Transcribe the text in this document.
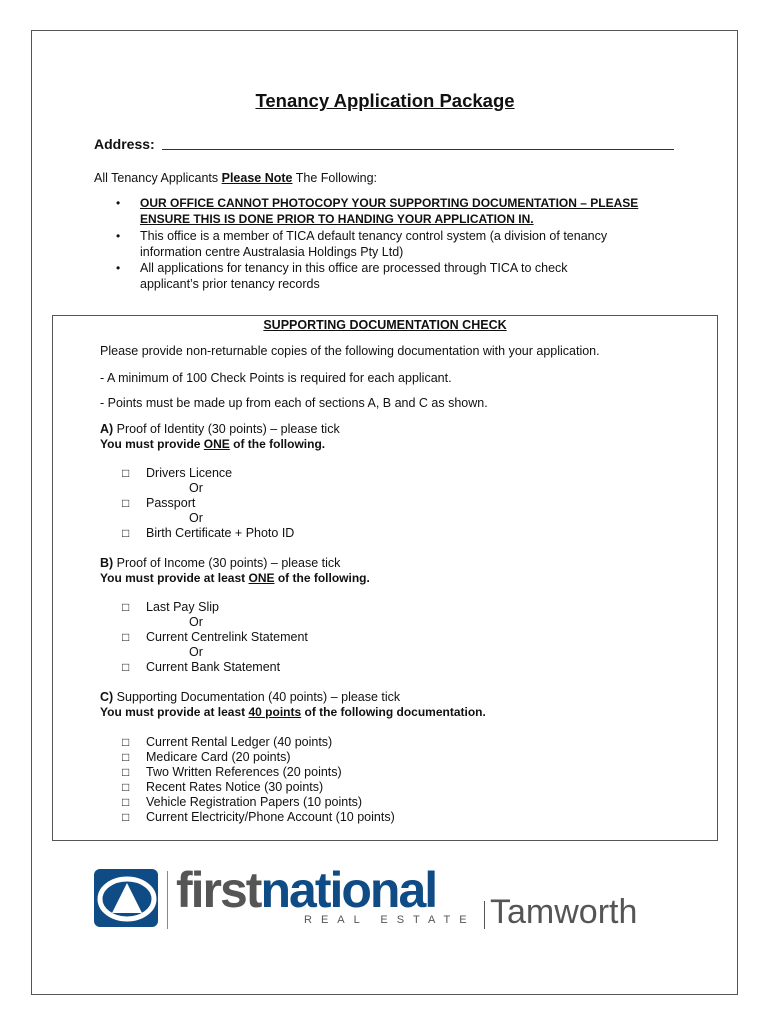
Tenancy Application Package
Address:
All Tenancy Applicants Please Note The Following:
• OUR OFFICE CANNOT PHOTOCOPY YOUR SUPPORTING DOCUMENTATION – PLEASE
ENSURE THIS IS DONE PRIOR TO HANDING YOUR APPLICATION IN.
• This office is a member of TICA default tenancy control system (a division of tenancy
information centre Australasia Holdings Pty Ltd)
• All applications for tenancy in this office are processed through TICA to check
applicant’s prior tenancy records
SUPPORTING DOCUMENTATION CHECK
Please provide non-returnable copies of the following documentation with your application.
- A minimum of 100 Check Points is required for each applicant.
- Points must be made up from each of sections A, B and C as shown.
A) Proof of Identity (30 points) – please tick
You must provide ONE of the following.
□ Drivers Licence
Or
□ Passport
Or
□ Birth Certificate + Photo ID
B) Proof of Income (30 points) – please tick
You must provide at least ONE of the following.
□ Last Pay Slip
Or
□ Current Centrelink Statement
Or
□ Current Bank Statement
C) Supporting Documentation (40 points) – please tick
You must provide at least 40 points of the following documentation.
□ Current Rental Ledger (40 points)
□ Medicare Card (20 points)
□ Two Written References (20 points)
□ Recent Rates Notice (30 points)
□ Vehicle Registration Papers (10 points)
□ Current Electricity/Phone Account (10 points)
firstnational
REAL ESTATE Tamworth
